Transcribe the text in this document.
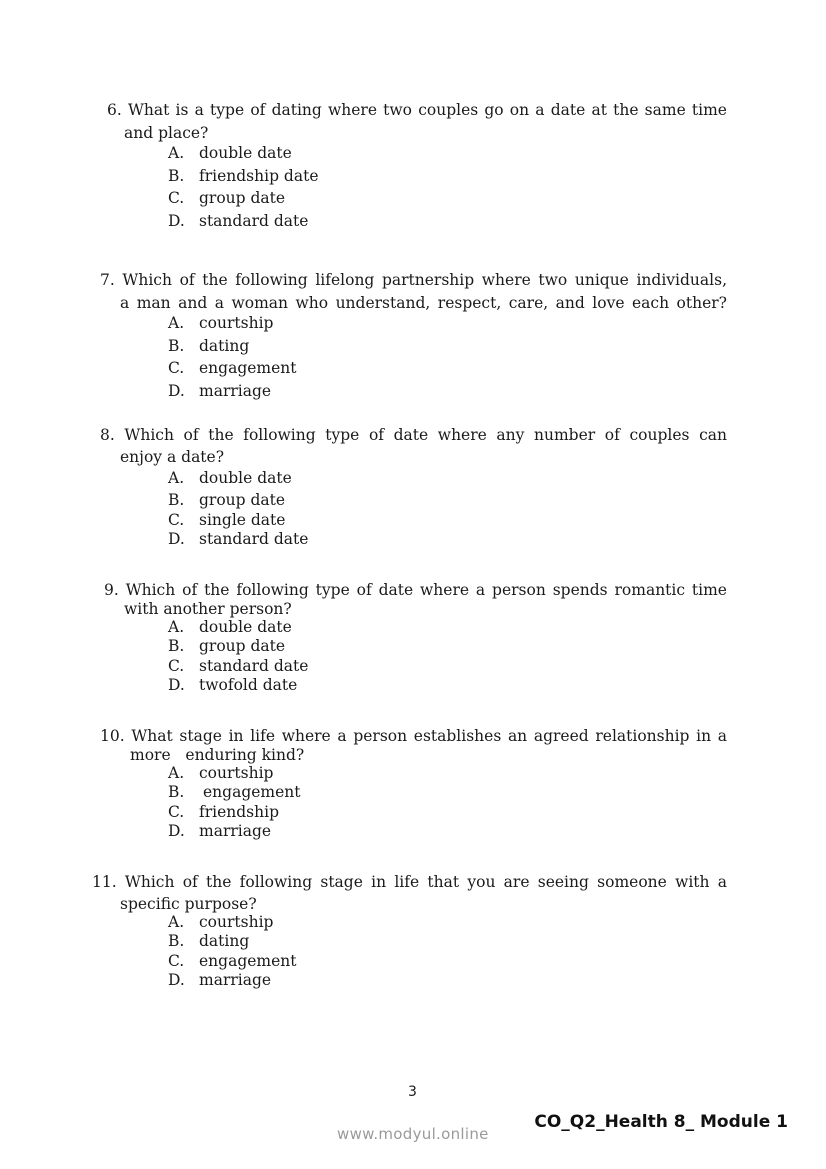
6. What is a type of dating where two couples go on a date at the same time
and place?
A. double date
B. friendship date
C. group date
D. standard date
7. Which of the following lifelong partnership where two unique individuals,
a man and a woman who understand, respect, care, and love each other?
A. courtship
B. dating
C. engagement
D. marriage
8. Which of the following type of date where any number of couples can
enjoy a date?
A. double date
B. group date
C. single date
D. standard date
9. Which of the following type of date where a person spends romantic time
with another person?
A. double date
B. group date
C. standard date
D. twofold date
10. What stage in life where a person establishes an agreed relationship in a
more   enduring kind?
A. courtship
B. engagement
C. friendship
D. marriage
11. Which of the following stage in life that you are seeing someone with a
specific purpose?
A. courtship
B. dating
C. engagement
D. marriage
3
CO_Q2_Health 8_ Module 1
www.modyul.online
